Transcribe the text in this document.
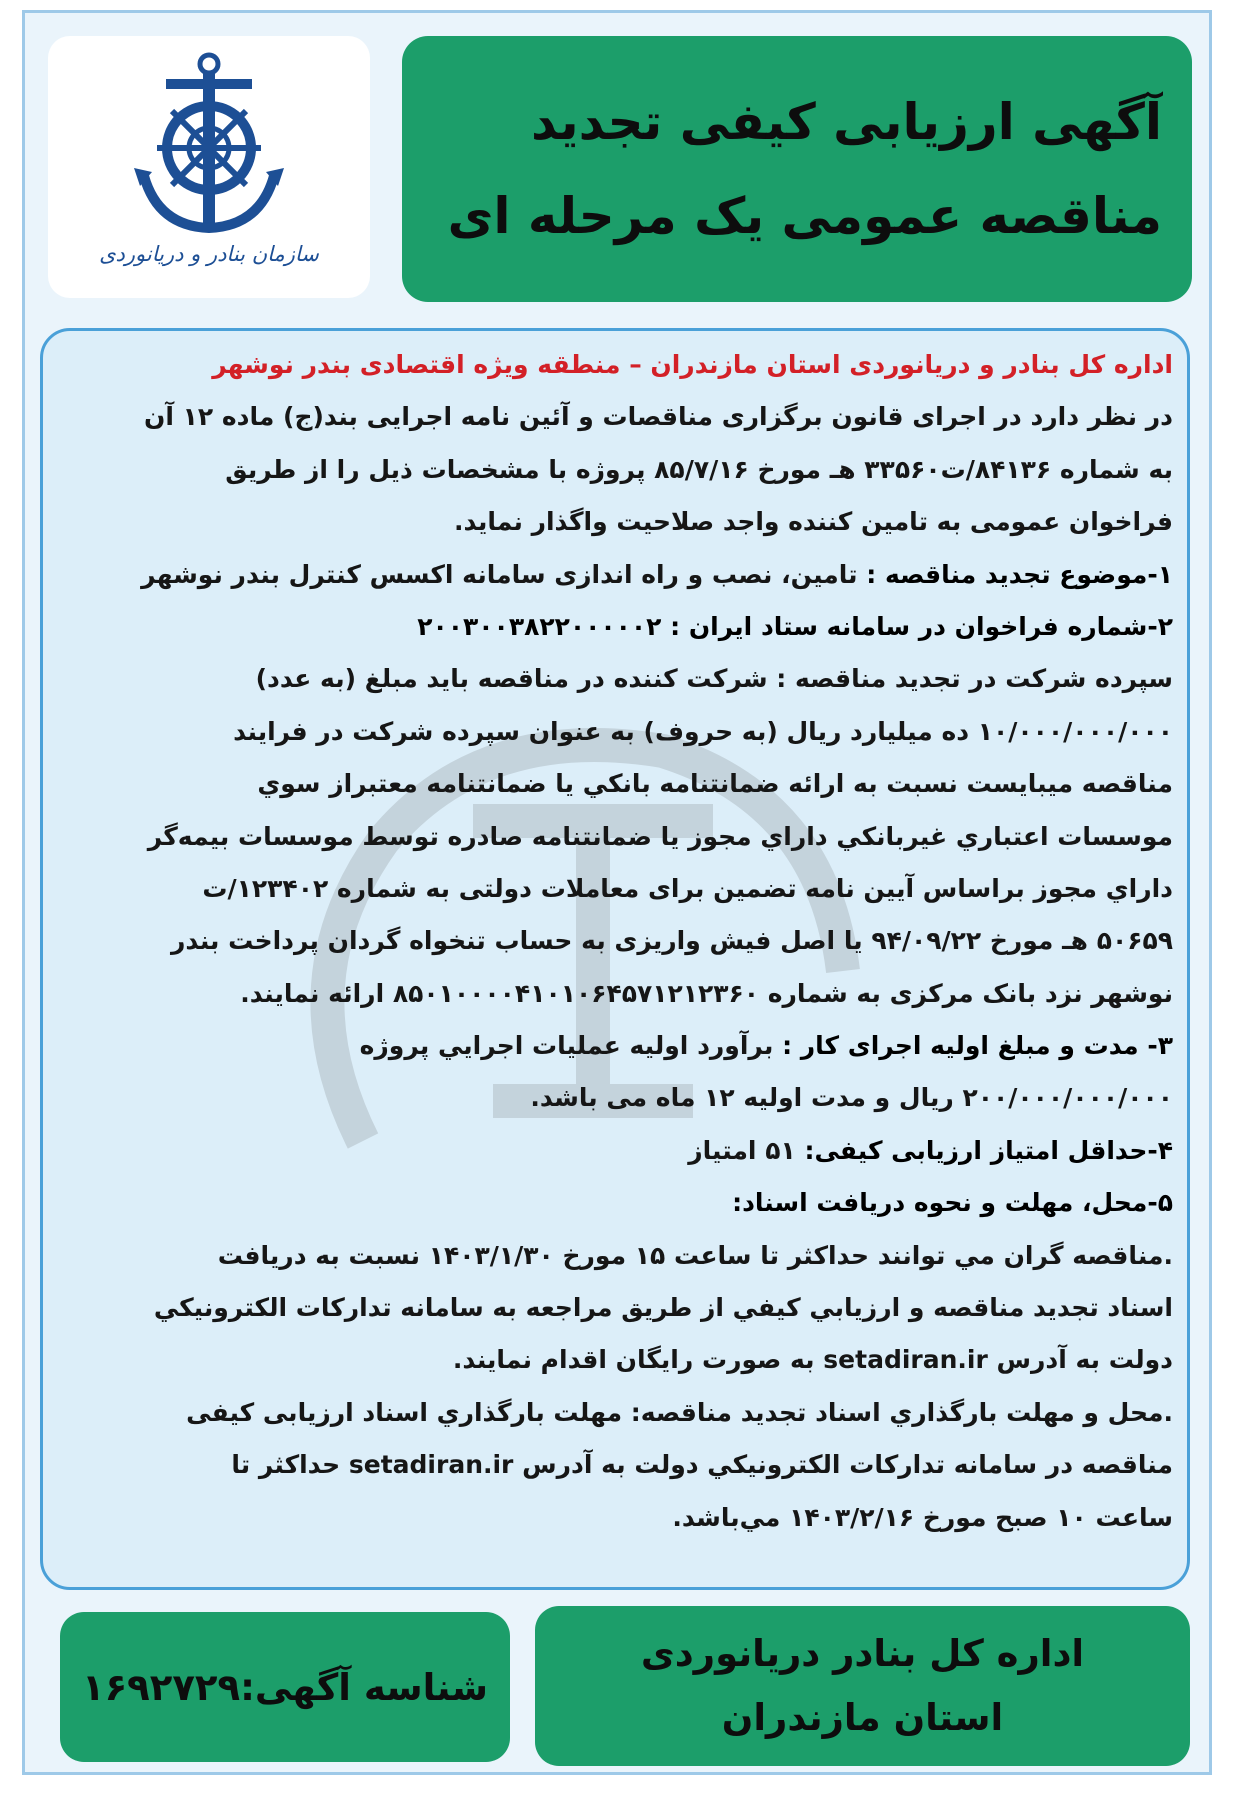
سازمان بنادر و دریانوردی
آگهی ارزیابی کیفی تجدید
مناقصه عمومی یک مرحله ای
اداره کل بنادر و دریانوردی استان مازندران – منطقه ویژه اقتصادی بندر نوشهر
در نظر دارد در اجرای قانون برگزاری مناقصات و آئین نامه اجرایی بند(ج) ماده ۱۲ آن
به شماره ۸۴۱۳۶/ت۳۳۵۶۰ هـ مورخ ۸۵/۷/۱۶ پروژه با مشخصات ذیل را از طریق
فراخوان عمومی به تامین کننده واجد صلاحیت واگذار نماید.
۱-موضوع تجدید مناقصه : تامین، نصب و راه اندازی سامانه اکسس کنترل بندر نوشهر
۲-شماره فراخوان در سامانه ستاد ایران : ۲۰۰۳۰۰۳۸۲۲۰۰۰۰۰۲
سپرده شرکت در تجدید مناقصه : شرکت کننده در مناقصه باید مبلغ (به عدد)
۱۰/۰۰۰/۰۰۰/۰۰۰ ده میلیارد ریال (به حروف) به عنوان سپرده شرکت در فرایند
مناقصه میبایست نسبت به ارائه ضمانتنامه بانكي يا ضمانتنامه معتبراز سوي
موسسات اعتباري غيربانكي داراي مجوز يا ضمانتنامه صادره توسط موسسات بیمه‌گر
داراي مجوز براساس آیین نامه تضمین برای معاملات دولتی به شماره ۱۲۳۴۰۲/ت
۵۰۶۵۹ هـ مورخ ۹۴/۰۹/۲۲ یا اصل فیش واریزی به حساب تنخواه گردان پرداخت بندر
نوشهر نزد بانک مرکزی به شماره ۸۵۰۱۰۰۰۰۴۱۰۱۰۶۴۵۷۱۲۱۲۳۶۰ ارائه نمایند.
۳- مدت و مبلغ اولیه اجرای کار : برآورد اولیه عملیات اجرایي پروژه
۲۰۰/۰۰۰/۰۰۰/۰۰۰ ریال و مدت اولیه ۱۲ ماه می باشد.
۴-حداقل امتیاز ارزیابی کیفی: ۵۱ امتیاز
۵-محل، مهلت و نحوه دریافت اسناد:
.مناقصه گران مي توانند حداكثر تا ساعت ۱۵ مورخ ۱۴۰۳/۱/۳۰ نسبت به دريافت
اسناد تجدید مناقصه و ارزيابي كيفي از طريق مراجعه به سامانه تداركات الكترونيكي
دولت به آدرس setadiran.ir به صورت رایگان اقدام نمایند.
.محل و مهلت بارگذاري اسناد تجدید مناقصه: مهلت بارگذاري اسناد ارزیابی کیفی
مناقصه در سامانه تداركات الكترونيكي دولت به آدرس setadiran.ir حداکثر تا
ساعت ۱۰ صبح مورخ ۱۴۰۳/۲/۱۶ مي‌باشد.
شناسه آگهی:۱۶۹۲۷۲۹
اداره کل بنادر دریانوردی
استان مازندران
